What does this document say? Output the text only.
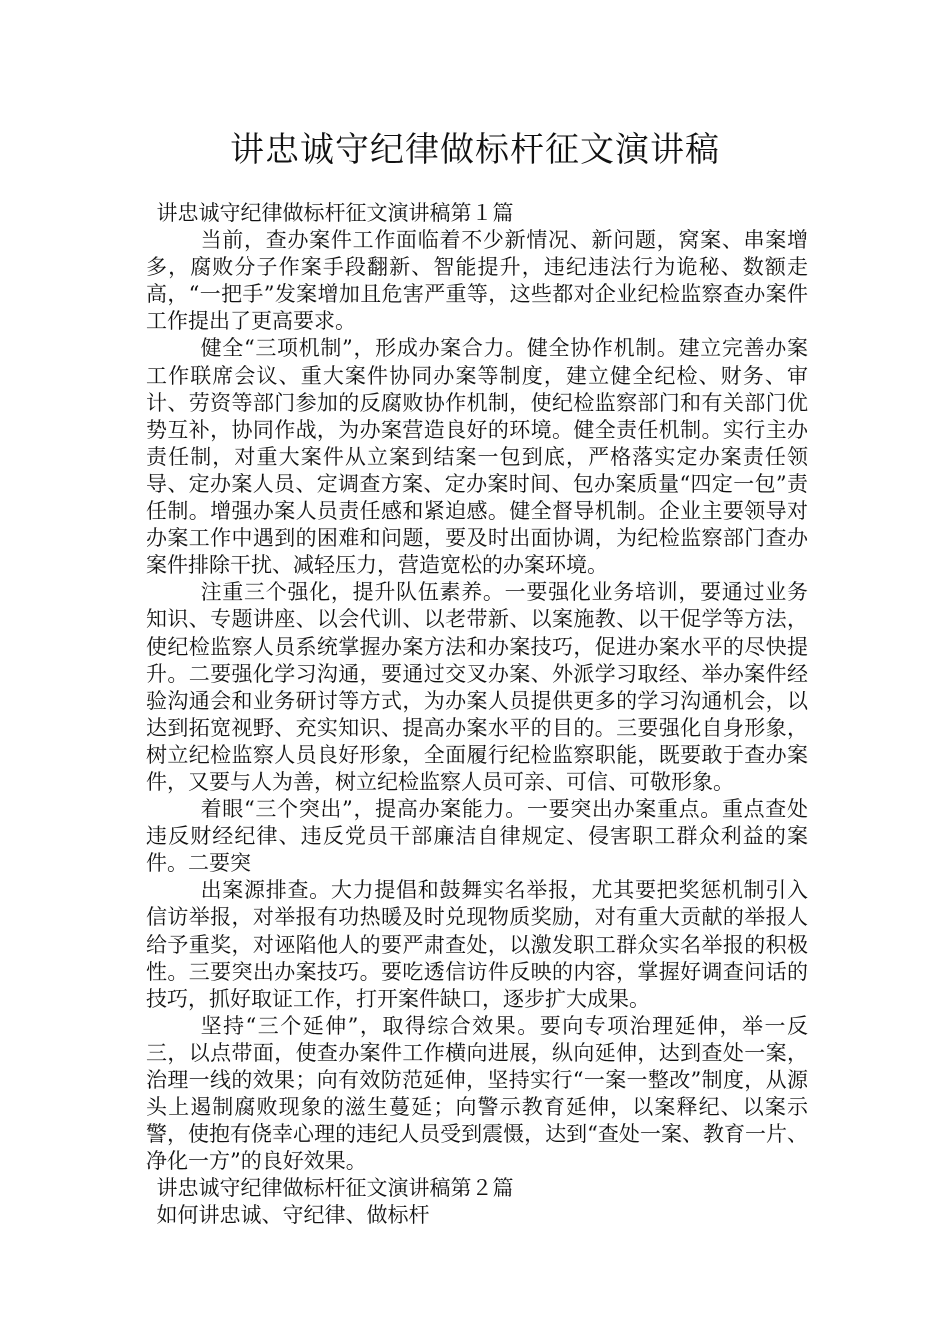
讲忠诚守纪律做标杆征文演讲稿

讲忠诚守纪律做标杆征文演讲稿第１篇

当前，查办案件工作面临着不少新情况、新问题，窝案、串案增多，腐败分子作案手段翻新、智能提升，违纪违法行为诡秘、数额走高，“一把手”发案增加且危害严重等，这些都对企业纪检监察查办案件工作提出了更高要求。

健全“三项机制”，形成办案合力。健全协作机制。建立完善办案工作联席会议、重大案件协同办案等制度，建立健全纪检、财务、审计、劳资等部门参加的反腐败协作机制，使纪检监察部门和有关部门优势互补，协同作战，为办案营造良好的环境。健全责任机制。实行主办责任制，对重大案件从立案到结案一包到底，严格落实定办案责任领导、定办案人员、定调查方案、定办案时间、包办案质量“四定一包”责任制。增强办案人员责任感和紧迫感。健全督导机制。企业主要领导对办案工作中遇到的困难和问题，要及时出面协调，为纪检监察部门查办案件排除干扰、减轻压力，营造宽松的办案环境。

注重三个强化，提升队伍素养。一要强化业务培训，要通过业务知识、专题讲座、以会代训、以老带新、以案施教、以干促学等方法，使纪检监察人员系统掌握办案方法和办案技巧，促进办案水平的尽快提升。二要强化学习沟通，要通过交叉办案、外派学习取经、举办案件经验沟通会和业务研讨等方式，为办案人员提供更多的学习沟通机会，以达到拓宽视野、充实知识、提高办案水平的目的。三要强化自身形象，树立纪检监察人员良好形象，全面履行纪检监察职能，既要敢于查办案件，又要与人为善，树立纪检监察人员可亲、可信、可敬形象。

着眼“三个突出”，提高办案能力。一要突出办案重点。重点查处违反财经纪律、违反党员干部廉洁自律规定、侵害职工群众利益的案件。二要突

出案源排查。大力提倡和鼓舞实名举报，尤其要把奖惩机制引入信访举报，对举报有功热暖及时兑现物质奖励，对有重大贡献的举报人给予重奖，对诬陷他人的要严肃查处，以激发职工群众实名举报的积极性。三要突出办案技巧。要吃透信访件反映的内容，掌握好调查问话的技巧，抓好取证工作，打开案件缺口，逐步扩大成果。

坚持“三个延伸”，取得综合效果。要向专项治理延伸，举一反三，以点带面，使查办案件工作横向进展，纵向延伸，达到查处一案，治理一线的效果；向有效防范延伸，坚持实行“一案一整改”制度，从源头上遏制腐败现象的滋生蔓延；向警示教育延伸，以案释纪、以案示警，使抱有侥幸心理的违纪人员受到震慑，达到“查处一案、教育一片、净化一方”的良好效果。

讲忠诚守纪律做标杆征文演讲稿第２篇

如何讲忠诚、守纪律、做标杆
